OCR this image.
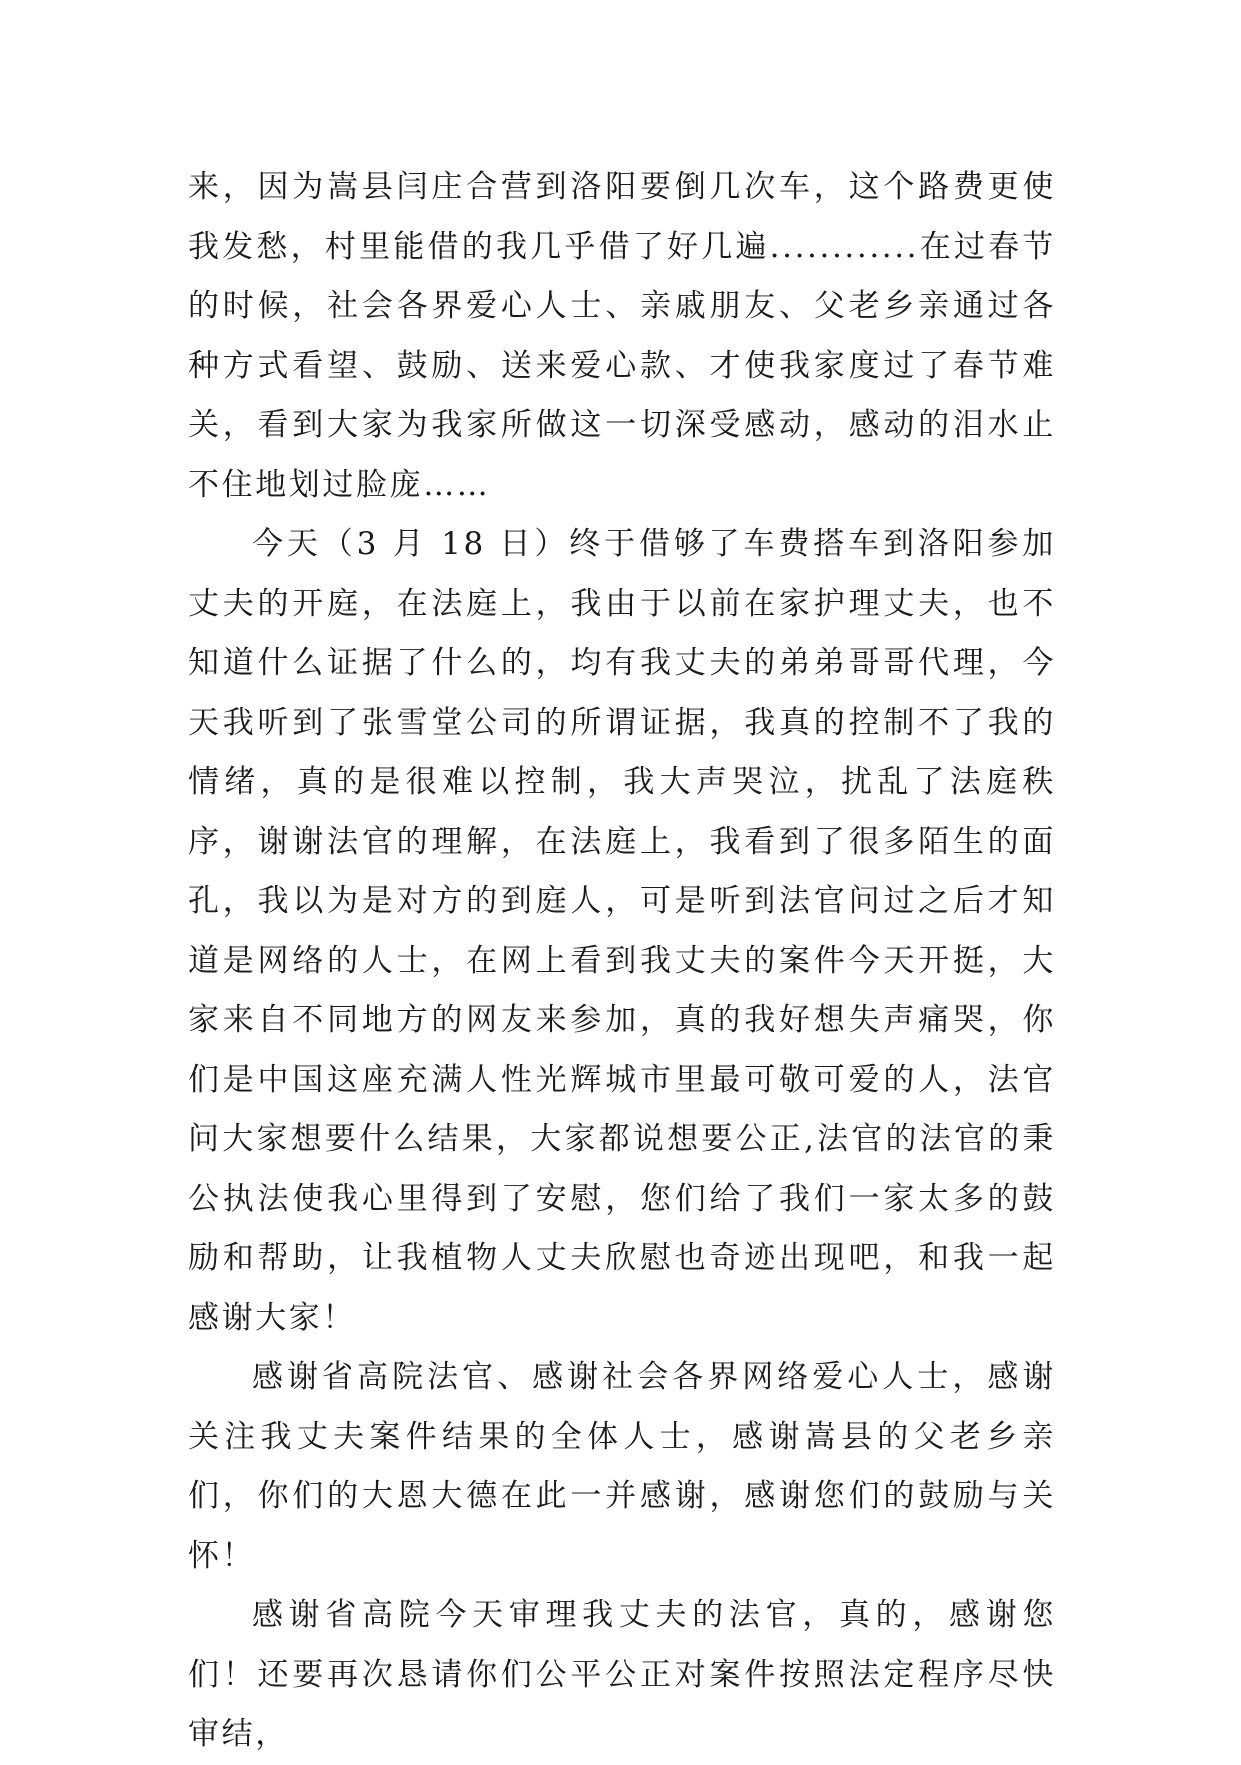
来，因为嵩县闫庄合营到洛阳要倒几次车，这个路费更使我发愁，村里能借的我几乎借了好几遍............在过春节的时候，社会各界爱心人士、亲戚朋友、父老乡亲通过各种方式看望、鼓励、送来爱心款、才使我家度过了春节难关，看到大家为我家所做这一切深受感动，感动的泪水止不住地划过脸庞……

今天（3 月 18 日）终于借够了车费搭车到洛阳参加丈夫的开庭，在法庭上，我由于以前在家护理丈夫，也不知道什么证据了什么的，均有我丈夫的弟弟哥哥代理，今天我听到了张雪堂公司的所谓证据，我真的控制不了我的情绪，真的是很难以控制，我大声哭泣，扰乱了法庭秩序，谢谢法官的理解，在法庭上，我看到了很多陌生的面孔，我以为是对方的到庭人，可是听到法官问过之后才知道是网络的人士，在网上看到我丈夫的案件今天开挺，大家来自不同地方的网友来参加，真的我好想失声痛哭，你们是中国这座充满人性光辉城市里最可敬可爱的人，法官问大家想要什么结果，大家都说想要公正,法官的法官的秉公执法使我心里得到了安慰，您们给了我们一家太多的鼓励和帮助，让我植物人丈夫欣慰也奇迹出现吧，和我一起感谢大家！

感谢省高院法官、感谢社会各界网络爱心人士，感谢关注我丈夫案件结果的全体人士，感谢嵩县的父老乡亲们，你们的大恩大德在此一并感谢，感谢您们的鼓励与关怀！

感谢省高院今天审理我丈夫的法官，真的，感谢您们！还要再次恳请你们公平公正对案件按照法定程序尽快审结，
